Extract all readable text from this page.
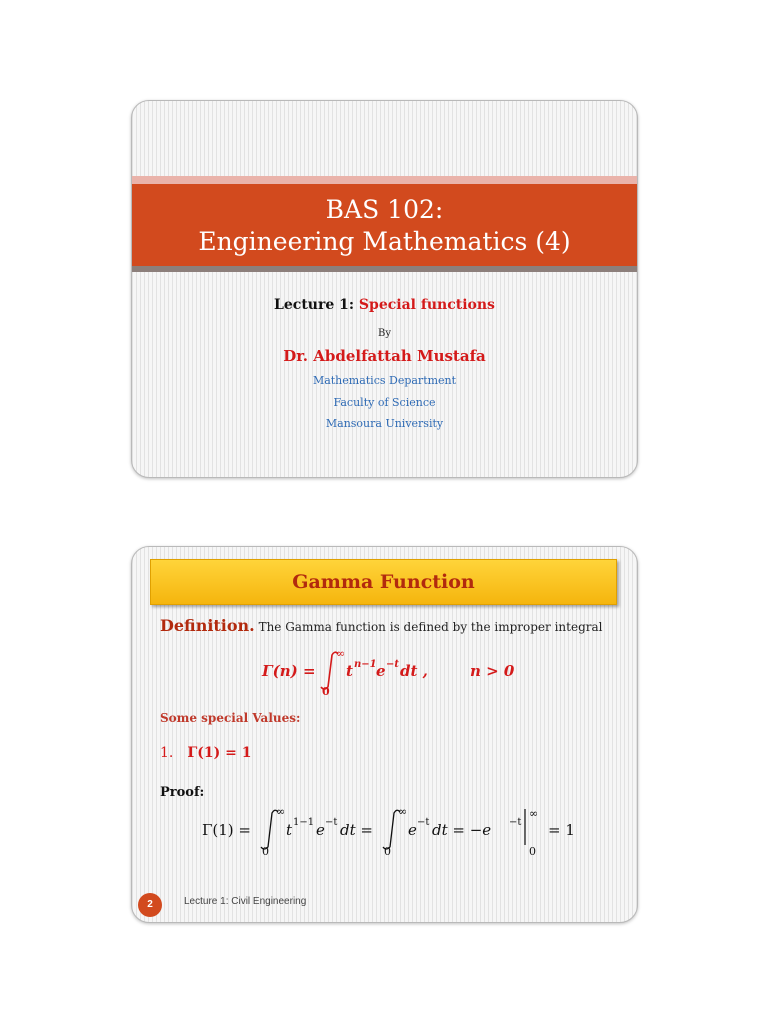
BAS 102:
Engineering Mathematics (4)
Lecture 1: Special functions
By
Dr. Abdelfattah Mustafa
Mathematics Department
Faculty of Science
Mansoura University
Gamma Function
Definition. The Gamma function is defined by the improper integral
Γ(n) =
∞
0
t n−1 e −t dt ,	n > 0
Some special Values:
1. Γ(1) = 1
Proof:
Γ(1) =
∞
0
t 1−1 e −t dt =
∞
0
e −t dt = −e −t
∞
0
= 1
2	Lecture 1: Civil Engineering
